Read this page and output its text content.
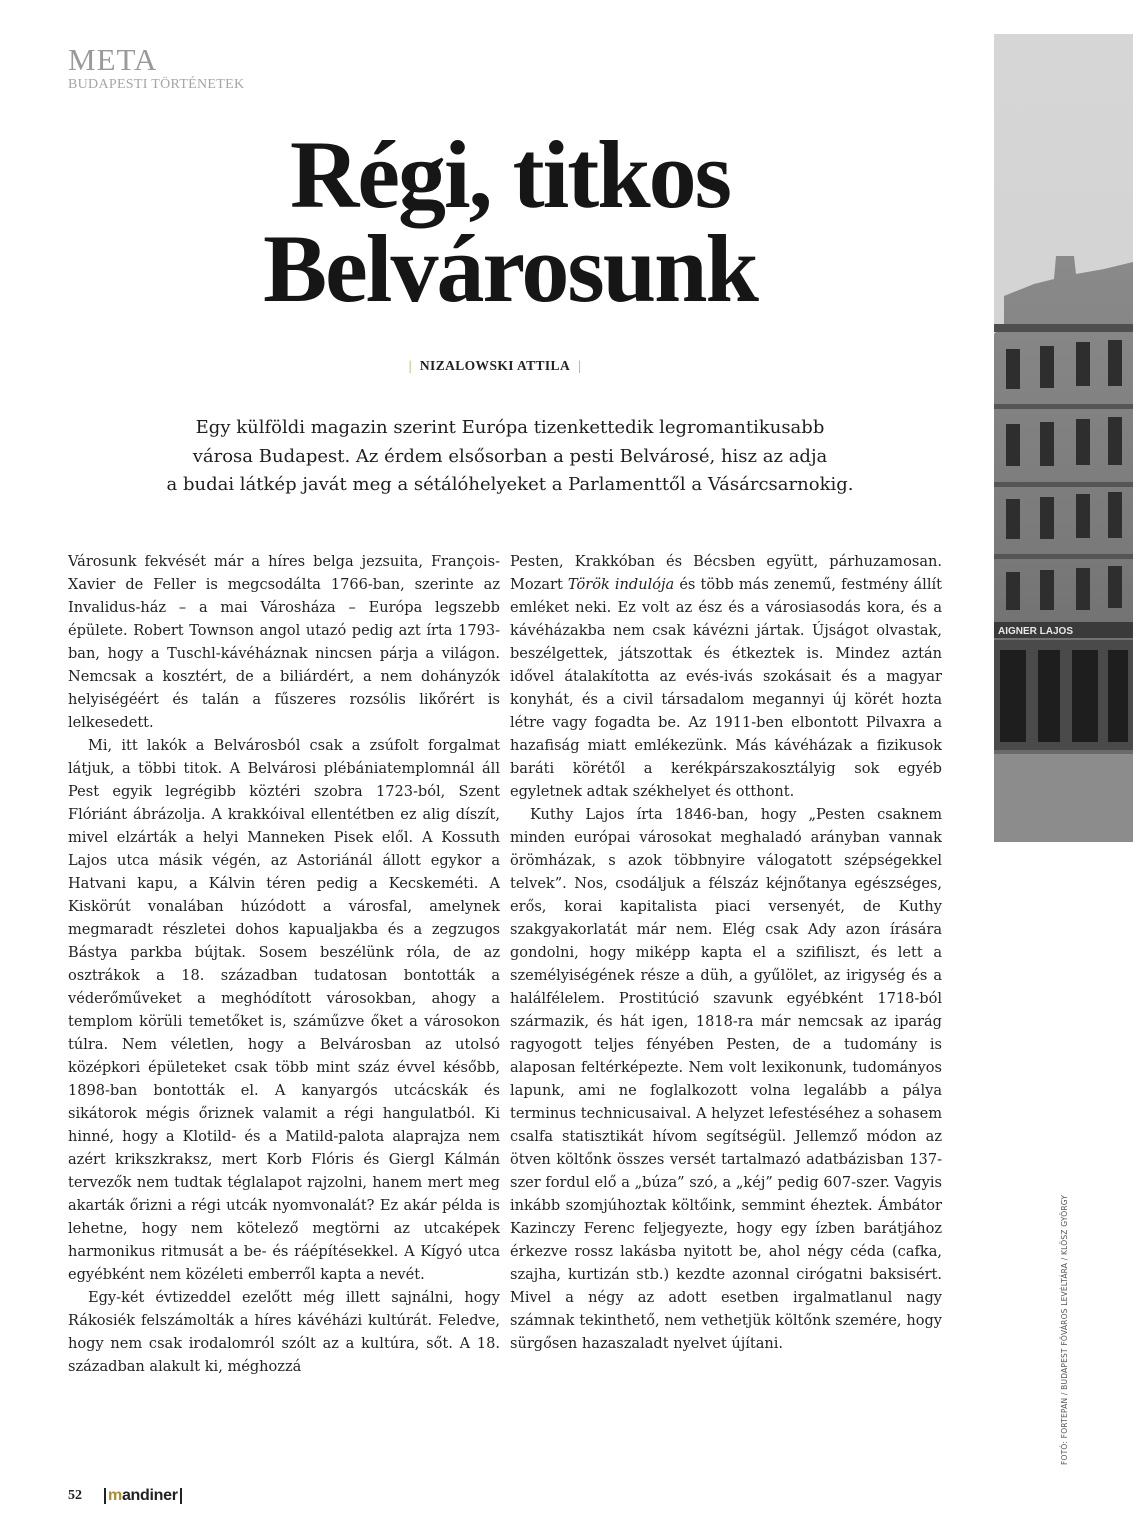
META
BUDAPESTI TÖRTÉNETEK
Régi, titkos
Belvárosunk
| NIZALOWSKI ATTILA |
Egy külföldi magazin szerint Európa tizenkettedik legromantikusabb
városa Budapest. Az érdem elsősorban a pesti Belvárosé, hisz az adja
a budai látkép javát meg a sétálóhelyeket a Parlamenttől a Vásárcsarnokig.

Városunk fekvését már a híres belga jezsuita, François-Xavier de Feller is megcsodálta 1766-ban, szerinte az Invalidus-ház – a mai Városháza – Európa legszebb épülete. Robert Townson angol utazó pedig azt írta 1793-ban, hogy a Tuschl-kávéháznak nincsen párja a világon. Nemcsak a kosztért, de a biliárdért, a nem dohányzók helyiségéért és talán a fűszeres rozsólis likőrért is lelkesedett.

Mi, itt lakók a Belvárosból csak a zsúfolt forgalmat látjuk, a többi titok. A Belvárosi plébániatemplomnál áll Pest egyik legrégibb köztéri szobra 1723-ból, Szent Flóriánt ábrázolja. A krakkóival ellentétben ez alig díszít, mivel elzárták a helyi Manneken Pisek elől. A Kossuth Lajos utca másik végén, az Astoriánál állott egykor a Hatvani kapu, a Kálvin téren pedig a Kecskeméti. A Kiskörút vonalában húzódott a városfal, amelynek megmaradt részletei dohos kapualjakba és a zegzugos Bástya parkba bújtak. Sosem beszélünk róla, de az osztrákok a 18. században tudatosan bontották a véderőműveket a meghódított városokban, ahogy a templom körüli temetőket is, száműzve őket a városokon túlra. Nem véletlen, hogy a Belvárosban az utolsó középkori épületeket csak több mint száz évvel később, 1898-ban bontották el. A kanyargós utcácskák és sikátorok mégis őriznek valamit a régi hangulatból. Ki hinné, hogy a Klotild- és a Matild-palota alaprajza nem azért krikszkraksz, mert Korb Flóris és Giergl Kálmán tervezők nem tudtak téglalapot rajzolni, hanem mert meg akarták őrizni a régi utcák nyomvonalát? Ez akár példa is lehetne, hogy nem kötelező megtörni az utcaképek harmonikus ritmusát a be- és ráépítésekkel. A Kígyó utca egyébként nem közéleti emberről kapta a nevét.

Egy-két évtizeddel ezelőtt még illett sajnálni, hogy Rákosiék felszámolták a híres kávéházi kultúrát. Feledve, hogy nem csak irodalomról szólt az a kultúra, sőt. A 18. században alakult ki, méghozzá

Pesten, Krakkóban és Bécsben együtt, párhuzamosan. Mozart Török indulója és több más zenemű, festmény állít emléket neki. Ez volt az ész és a városiasodás kora, és a kávéházakba nem csak kávézni jártak. Újságot olvastak, beszélgettek, játszottak és étkeztek is. Mindez aztán idővel átalakította az evés-ivás szokásait és a magyar konyhát, és a civil társadalom megannyi új körét hozta létre vagy fogadta be. Az 1911-ben elbontott Pilvaxra a hazafiság miatt emlékezünk. Más kávéházak a fizikusok baráti körétől a kerékpárszakosztályig sok egyéb egyletnek adtak székhelyet és otthont.

Kuthy Lajos írta 1846-ban, hogy „Pesten csaknem minden európai városokat meghaladó arányban vannak örömházak, s azok többnyire válogatott szépségekkel telvek”. Nos, csodáljuk a félszáz kéjnőtanya egészséges, erős, korai kapitalista piaci versenyét, de Kuthy szakgyakorlatát már nem. Elég csak Ady azon írására gondolni, hogy miképp kapta el a szifiliszt, és lett a személyiségének része a düh, a gyűlölet, az irigység és a halálfélelem. Prostitúció szavunk egyébként 1718-ból származik, és hát igen, 1818-ra már nemcsak az iparág ragyogott teljes fényében Pesten, de a tudomány is alaposan feltérképezte. Nem volt lexikonunk, tudományos lapunk, ami ne foglalkozott volna legalább a pálya terminus technicusaival. A helyzet lefestéséhez a sohasem csalfa statisztikát hívom segítségül. Jellemző módon az ötven költőnk összes versét tartalmazó adatbázisban 137-szer fordul elő a „búza” szó, a „kéj” pedig 607-szer. Vagyis inkább szomjúhoztak költőink, semmint éheztek. Ámbátor Kazinczy Ferenc feljegyezte, hogy egy ízben barátjához érkezve rossz lakásba nyitott be, ahol négy céda (cafka, szajha, kurtizán stb.) kezdte azonnal cirógatni baksisért. Mivel a négy az adott esetben irgalmatlanul nagy számnak tekinthető, nem vethetjük költőnk szemére, hogy sürgősen hazaszaladt nyelvet újítani.

AIGNER LAJOS
FOTÓ: FORTEPAN / BUDAPEST FŐVÁROS LEVÉLTÁRA / KLÖSZ GYÖRGY
52 m andiner
